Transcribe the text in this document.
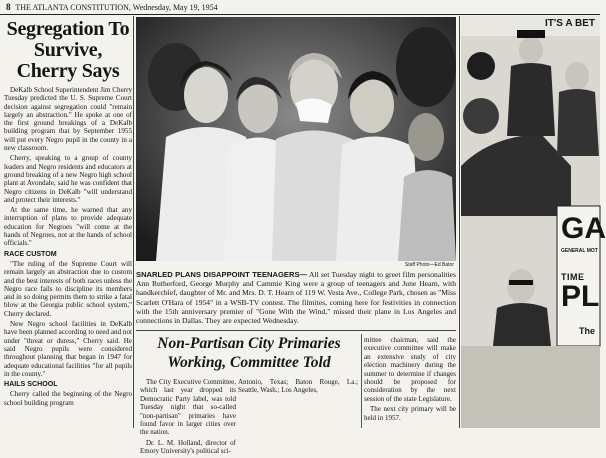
8 THE ATLANTA CONSTITUTION, Wednesday, May 19, 1954
Segregation To Survive, Cherry Says

DeKalb School Superintendent Jim Cherry Tuesday predicted the U. S. Supreme Court decision against segregation could "remain largely an abstraction." He spoke at one of the first ground breakings of a DeKalb building program that by September 1955 will put every Negro pupil in the county in a new classroom.

Cherry, speaking to a group of county leaders and Negro residents and educators at ground breaking of a new Negro high school plant at Avondale, said he was confident that Negro citizens in DeKalb "will understand and protect their interests."

At the same time, he warned that any interruption of plans to provide adequate education for Negroes "will come at the hands of Negroes, not at the hands of school officials."

RACE CUSTOM

"The ruling of the Supreme Court will remain largely an abstraction due to custom and the best interests of both races unless the Negro race fails to discipline its members and in so doing permits them to strike a fatal blow at the Georgia public school system," Cherry declared.

New Negro school facilities in DeKalb have been planned according to need and not under "threat or duress," Cherry said. He said Negro pupils were considered throughout planning that began in 1947 for adequate educational facilities "for all pupils in the county."

HAILS SCHOOL

Cherry called the beginning of the Negro school building program

Staff Photo—Ed Bator
SNARLED PLANS DISAPPOINT TEENAGERS— All set Tuesday night to greet film personalities Ann Rutherford, George Murphy and Cammie King were a group of teenagers and June Hearn, with handkerchief, daughter of Mr. and Mrs. D. T. Hearn of 119 W. Vesta Ave., College Park, chosen as "Miss Scarlett O'Hara of 1954" in a WSB-TV contest. The filmites, coming here for festivities in connection with the 15th anniversary premier of "Gone With the Wind," missed their plane in Los Angeles and connections in Dallas. They are expected Wednesday.
Non-Partisan City Primaries Working, Committee Told

The City Executive Committee, which last year dropped its Democratic Party label, was told Tuesday night that so-called "non-partisan" primaries have found favor in larger cities over the nation.

Dr. L. M. Holland, director of Emory University's political sci-

Antonio, Texas; Baton Rouge, La.; Seattle, Wash.; Los Angeles,

mittee chairman, said the executive committee will make an extensive study of city election machinery during the summer to determine if changes should be proposed for consideration by the next session of the state Legislature.

The next city primary will be held in 1957.

IT'S A BET
GA
GENERAL MOT
TIME
PL
The
